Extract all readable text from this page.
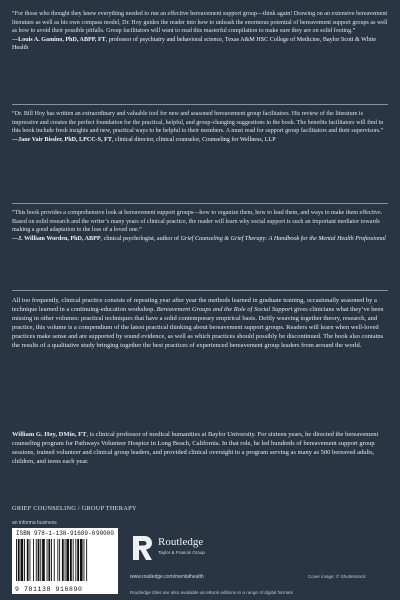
“For those who thought they knew everything needed to run an effective bereavement support group—think again! Drawing on an extensive bereavement literature as well as his own compass model, Dr. Hoy guides the reader into how to unleash the enormous potential of bereavement support groups as well as how to avoid their possible pitfalls. Group facilitators will want to read this masterful compilation to make sure they are on solid footing.”

—Louis A. Gamino, PhD, ABPP, FT, professor of psychiatry and behavioral science, Texas A&M HSC College of Medicine, Baylor Scott & White Health

“Dr. Bill Hoy has written an extraordinary and valuable tool for new and seasoned bereavement group facilitators. His review of the literature is impressive and creates the perfect foundation for the practical, helpful, and group-changing suggestions in the book. The benefits facilitators will find in this book include fresh insights and new, practical ways to be helpful to their members. A must read for support group facilitators and their supervisors.”

—Jane Vair Bissler, PhD, LPCC-S, FT, clinical director, clinical counselor, Counseling for Wellness, LLP

“This book provides a comprehensive look at bereavement support groups—how to organize them, how to lead them, and ways to make them effective. Based on solid research and the writer’s many years of clinical practice, the reader will learn why social support is such an important mediator towards making a good adaptation to the loss of a loved one.”

—J. William Worden, PhD, ABPP, clinical psychologist, author of Grief Counseling & Grief Therapy: A Handbook for the Mental Health Professional

All too frequently, clinical practice consists of repeating year after year the methods learned in graduate training, occasionally seasoned by a technique learned in a continuing-education workshop. Bereavement Groups and the Role of Social Support gives clinicians what they’ve been missing in other volumes: practical techniques that have a solid contemporary empirical basis. Deftly weaving together theory, research, and practice, this volume is a compendium of the latest practical thinking about bereavement support groups. Readers will learn when well-loved practices make sense and are supported by sound evidence, as well as which practices should possibly be discontinued. The book also contains the results of a qualitative study bringing together the best practices of experienced bereavement group leaders from around the world.

William G. Hoy, DMin, FT, is clinical professor of medical humanities at Baylor University. For sixteen years, he directed the bereavement counseling program for Pathways Volunteer Hospice in Long Beach, California. In that role, he led hundreds of bereavement support group sessions, trained volunteer and clinical group leaders, and provided clinical oversight to a program serving as many as 500 bereaved adults, children, and teens each year.

GRIEF COUNSELING / GROUP THERAPY
an informa business
ISBN 978-1-138-91689-0
9 781138 916890
90000
Routledge
Taylor & Francis Group
www.routledge.com/mentalhealth	Cover image: © Shutterstock
Routledge titles are also available as eBook editions in a range of digital formats
